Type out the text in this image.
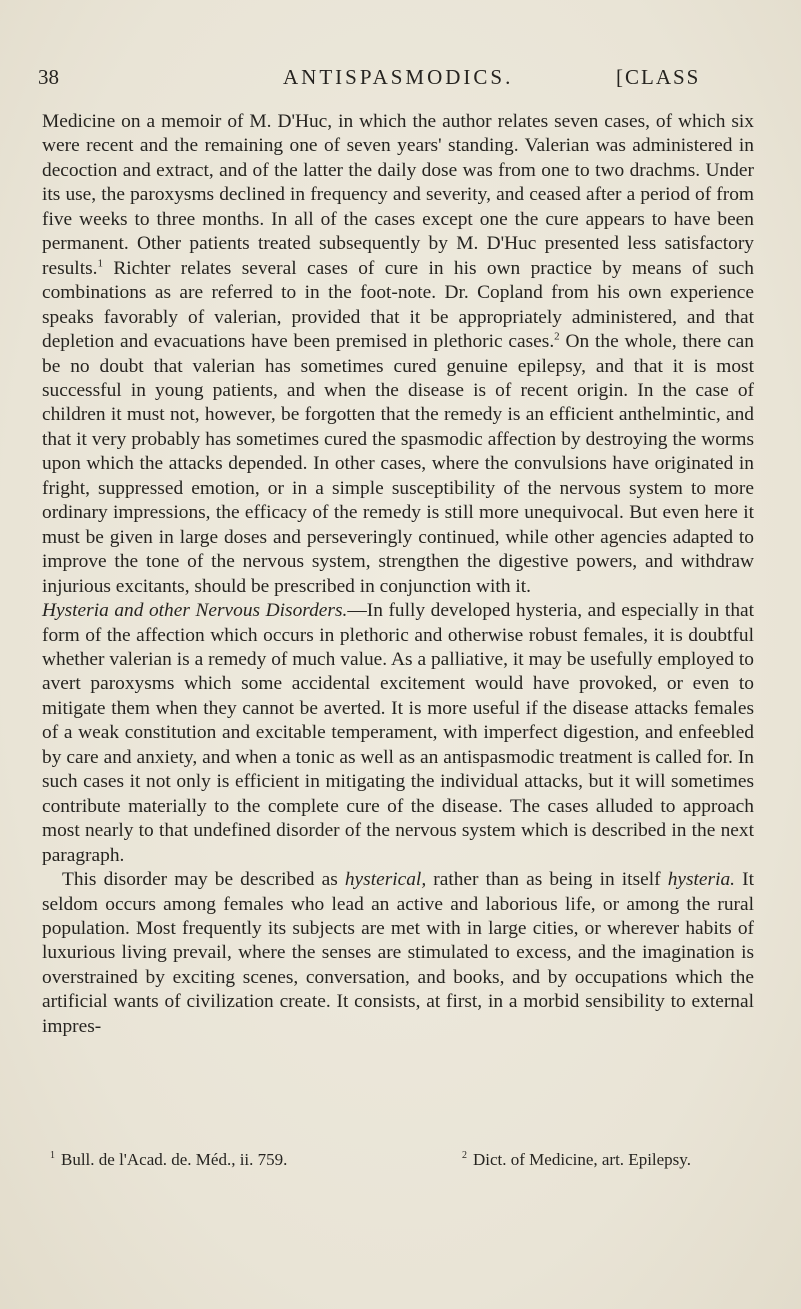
38	ANTISPASMODICS.	[CLASS

Medicine on a memoir of M. D'Huc, in which the author relates seven cases, of which six were recent and the remaining one of seven years' standing. Valerian was administered in decoction and extract, and of the latter the daily dose was from one to two drachms. Under its use, the paroxysms declined in frequency and severity, and ceased after a period of from five weeks to three months. In all of the cases except one the cure appears to have been permanent. Other patients treated subsequently by M. D'Huc presented less satisfactory results.$^1$ Richter relates several cases of cure in his own practice by means of such combinations as are referred to in the foot-note. Dr. Copland from his own experience speaks favorably of valerian, provided that it be appropriately administered, and that depletion and evacuations have been premised in plethoric cases.$^2$ On the whole, there can be no doubt that valerian has sometimes cured genuine epilepsy, and that it is most successful in young patients, and when the disease is of recent origin. In the case of children it must not, however, be forgotten that the remedy is an efficient anthelmintic, and that it very probably has sometimes cured the spasmodic affection by destroying the worms upon which the attacks depended. In other cases, where the convulsions have originated in fright, suppressed emotion, or in a simple susceptibility of the nervous system to more ordinary impressions, the efficacy of the remedy is still more unequivocal. But even here it must be given in large doses and perseveringly continued, while other agencies adapted to improve the tone of the nervous system, strengthen the digestive powers, and withdraw injurious excitants, should be prescribed in conjunction with it.

Hysteria and other Nervous Disorders.—In fully developed hysteria, and especially in that form of the affection which occurs in plethoric and otherwise robust females, it is doubtful whether valerian is a remedy of much value. As a palliative, it may be usefully employed to avert paroxysms which some accidental excitement would have provoked, or even to mitigate them when they cannot be averted. It is more useful if the disease attacks females of a weak constitution and excitable temperament, with imperfect digestion, and enfeebled by care and anxiety, and when a tonic as well as an antispasmodic treatment is called for. In such cases it not only is efficient in mitigating the individual attacks, but it will sometimes contribute materially to the complete cure of the disease. The cases alluded to approach most nearly to that undefined disorder of the nervous system which is described in the next paragraph.

This disorder may be described as hysterical, rather than as being in itself hysteria. It seldom occurs among females who lead an active and laborious life, or among the rural population. Most frequently its subjects are met with in large cities, or wherever habits of luxurious living prevail, where the senses are stimulated to excess, and the imagination is overstrained by exciting scenes, conversation, and books, and by occupations which the artificial wants of civilization create. It consists, at first, in a morbid sensibility to external impres-

$^1$ Bull. de l'Acad. de. Méd., ii. 759.	$^2$ Dict. of Medicine, art. Epilepsy.
